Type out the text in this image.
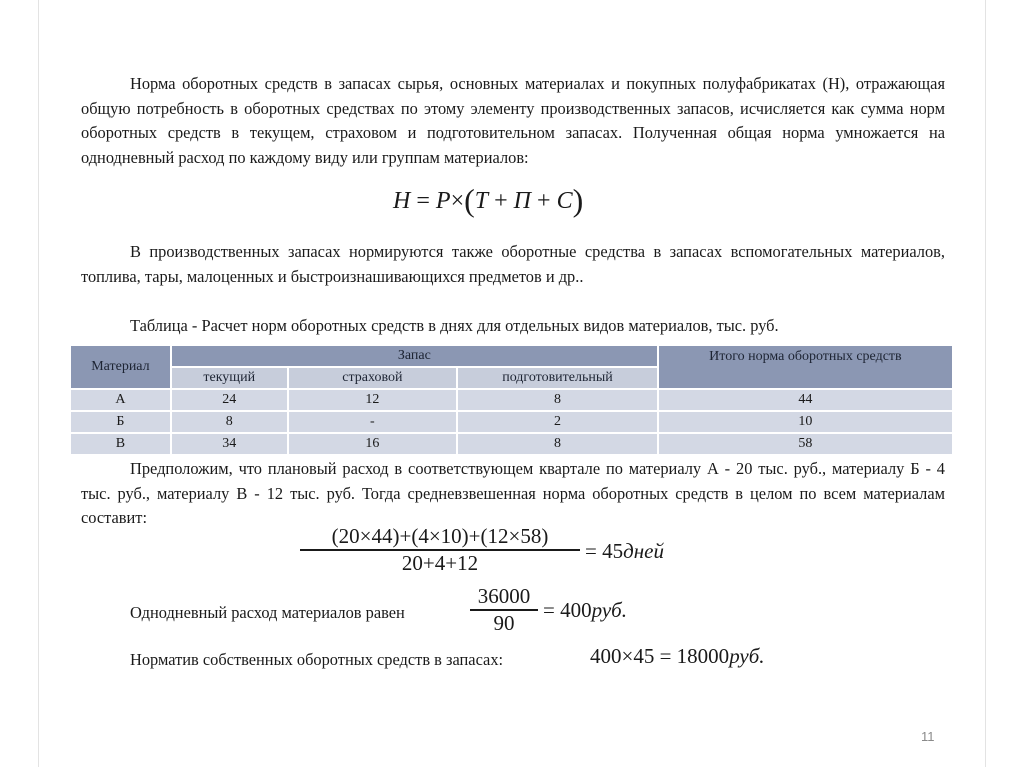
Норма оборотных средств в запасах сырья, основных материалах и покупных полуфабрикатах (Н), отражающая общую потребность в оборотных средствах по этому элементу производственных запасов, исчисляется как сумма норм оборотных средств в текущем, страховом и подготовительном запасах. Полученная общая норма умножается на однодневный расход по каждому виду или группам материалов:

H = P×(T + П + C)

В производственных запасах нормируются также оборотные средства в запасах вспомогательных материалов, топлива, тары, малоценных и быстроизнашивающихся предметов и др..

Таблица - Расчет норм оборотных средств в днях для отдельных видов материалов, тыс. руб.

Материал	Запас			Итого норма оборотных средств
	текущий	страховой	подготовительный	
А	24	12	8	44
Б	8	-	2	10
В	34	16	8	58

Предположим, что плановый расход в соответствующем квартале по материалу А - 20 тыс. руб., материалу Б - 4 тыс. руб., материалу В - 12 тыс. руб. Тогда средневзвешенная норма оборотных средств в целом по всем материалам составит:

(20×44)+(4×10)+(12×58)
20+4+12	= 45дней
Однодневный расход материалов равен
36000
90
= 400руб.
Норматив собственных оборотных средств в запасах:	400×45 = 18000руб.
11
